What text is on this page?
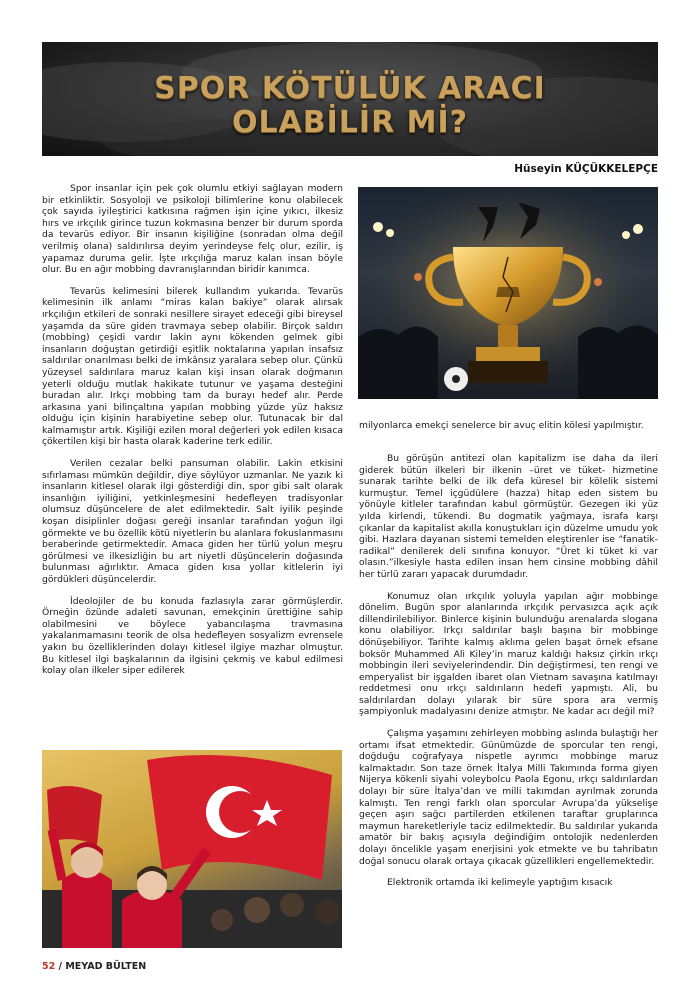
SPOR KÖTÜLÜK ARACI
OLABİLİR Mİ?
Hüseyin KÜÇÜKKELEPÇE

Spor insanlar için pek çok olumlu etkiyi sağlayan modern bir etkinliktir. Sosyoloji ve psikoloji bilimlerine konu olabilecek çok sayıda iyileştirici katkısına rağmen işin içine yıkıcı, ilkesiz hırs ve ırkçılık girince tuzun kokmasına benzer bir durum sporda da tevarüs ediyor. Bir insanın kişiliğine (sonradan olma değil verilmiş olana) saldırılırsa deyim yerindeyse felç olur, ezilir, iş yapamaz duruma gelir. İşte ırkçılığa maruz kalan insan böyle olur. Bu en ağır mobbing davranışlarından biridir kanımca.

Tevarüs kelimesini bilerek kullandım yukarıda. Tevarüs kelimesinin ilk anlamı “miras kalan bakiye” olarak alırsak ırkçılığın etkileri de sonraki nesillere sirayet edeceği gibi bireysel yaşamda da süre giden travmaya sebep olabilir. Birçok saldırı (mobbing) çeşidi vardır lakin aynı kökenden gelmek gibi insanların doğuştan getirdiği eşitlik noktalarına yapılan insafsız saldırılar onarılması belki de imkânsız yaralara sebep olur. Çünkü yüzeysel saldırılara maruz kalan kişi insan olarak doğmanın yeterli olduğu mutlak hakikate tutunur ve yaşama desteğini buradan alır. Irkçı mobbing tam da burayı hedef alır. Perde arkasına yani bilinçaltına yapılan mobbing yüzde yüz haksız olduğu için kişinin harabiyetine sebep olur. Tutunacak bir dal kalmamıştır artık. Kişiliği ezilen moral değerleri yok edilen kısaca çökertilen kişi bir hasta olarak kaderine terk edilir.

Verilen cezalar belki pansuman olabilir. Lakin etkisini sıfırlaması mümkün değildir, diye söylüyor uzmanlar. Ne yazık ki insanların kitlesel olarak ilgi gösterdiği din, spor gibi salt olarak insanlığın iyiliğini, yetkinleşmesini hedefleyen tradisyonlar olumsuz düşüncelere de alet edilmektedir. Salt iyilik peşinde koşan disiplinler doğası gereği insanlar tarafından yoğun ilgi görmekte ve bu özellik kötü niyetlerin bu alanlara fokuslanmasını beraberinde getirmektedir. Amaca giden her türlü yolun meşru görülmesi ve ilkesizliğin bu art niyetli düşüncelerin doğasında bulunması ağırlıktır. Amaca giden kısa yollar kitlelerin iyi gördükleri düşüncelerdir.

İdeolojiler de bu konuda fazlasıyla zarar görmüşlerdir. Örneğin özünde adaleti savunan, emekçinin ürettiğine sahip olabilmesini ve böylece yabancılaşma travmasına yakalanmamasını teorik de olsa hedefleyen sosyalizm evrensele yakın bu özelliklerinden dolayı kitlesel ilgiye mazhar olmuştur. Bu kitlesel ilgi başkalarının da ilgisini çekmiş ve kabul edilmesi kolay olan ilkeler siper edilerek

milyonlarca emekçi senelerce bir avuç elitin kölesi yapılmıştır.

Bu görüşün antitezi olan kapitalizm ise daha da ileri giderek bütün ilkeleri bir ilkenin –üret ve tüket- hizmetine sunarak tarihte belki de ilk defa küresel bir kölelik sistemi kurmuştur. Temel içgüdülere (hazza) hitap eden sistem bu yönüyle kitleler tarafından kabul görmüştür. Gezegen iki yüz yılda kirlendi, tükendi. Bu dogmatik yağmaya, israfa karşı çıkanlar da kapitalist akılla konuştukları için düzelme umudu yok gibi. Hazlara dayanan sistemi temelden eleştirenler ise “fanatik-radikal” denilerek deli sınıfına konuyor. “Üret ki tüket ki var olasın.”ilkesiyle hasta edilen insan hem cinsine mobbing dâhil her türlü zararı yapacak durumdadır.

Konumuz olan ırkçılık yoluyla yapılan ağır mobbinge dönelim. Bugün spor alanlarında ırkçılık pervasızca açık açık dillendirilebiliyor. Binlerce kişinin bulunduğu arenalarda slogana konu olabiliyor. Irkçı saldırılar başlı başına bir mobbinge dönüşebiliyor. Tarihte kalmış aklıma gelen başat örnek efsane boksör Muhammed Ali Kiley’in maruz kaldığı haksız çirkin ırkçı mobbingin ileri seviyelerindendir. Din değiştirmesi, ten rengi ve emperyalist bir işgalden ibaret olan Vietnam savaşına katılmayı reddetmesi onu ırkçı saldırıların hedefi yapmıştı. Ali, bu saldırılardan dolayı yılarak bir süre spora ara vermiş şampiyonluk madalyasını denize atmıştır. Ne kadar acı değil mi?

Çalışma yaşamını zehirleyen mobbing aslında bulaştığı her ortamı ifsat etmektedir. Günümüzde de sporcular ten rengi, doğduğu coğrafyaya nispetle ayrımcı mobbinge maruz kalmaktadır. Son taze örnek İtalya Milli Takımında forma giyen Nijerya kökenli siyahi voleybolcu Paola Egonu, ırkçı saldırılardan dolayı bir süre İtalya’dan ve milli takımdan ayrılmak zorunda kalmıştı. Ten rengi farklı olan sporcular Avrupa’da yükselişe geçen aşırı sağcı partilerden etkilenen taraftar gruplarınca maymun hareketleriyle taciz edilmektedir. Bu saldırılar yukarıda amatör bir bakış açısıyla değindiğim ontolojik nedenlerden dolayı öncelikle yaşam enerjisini yok etmekte ve bu tahribatın doğal sonucu olarak ortaya çıkacak güzellikleri engellemektedir.

Elektronik ortamda iki kelimeyle yaptığım kısacık

52 / MEYAD BÜLTEN
